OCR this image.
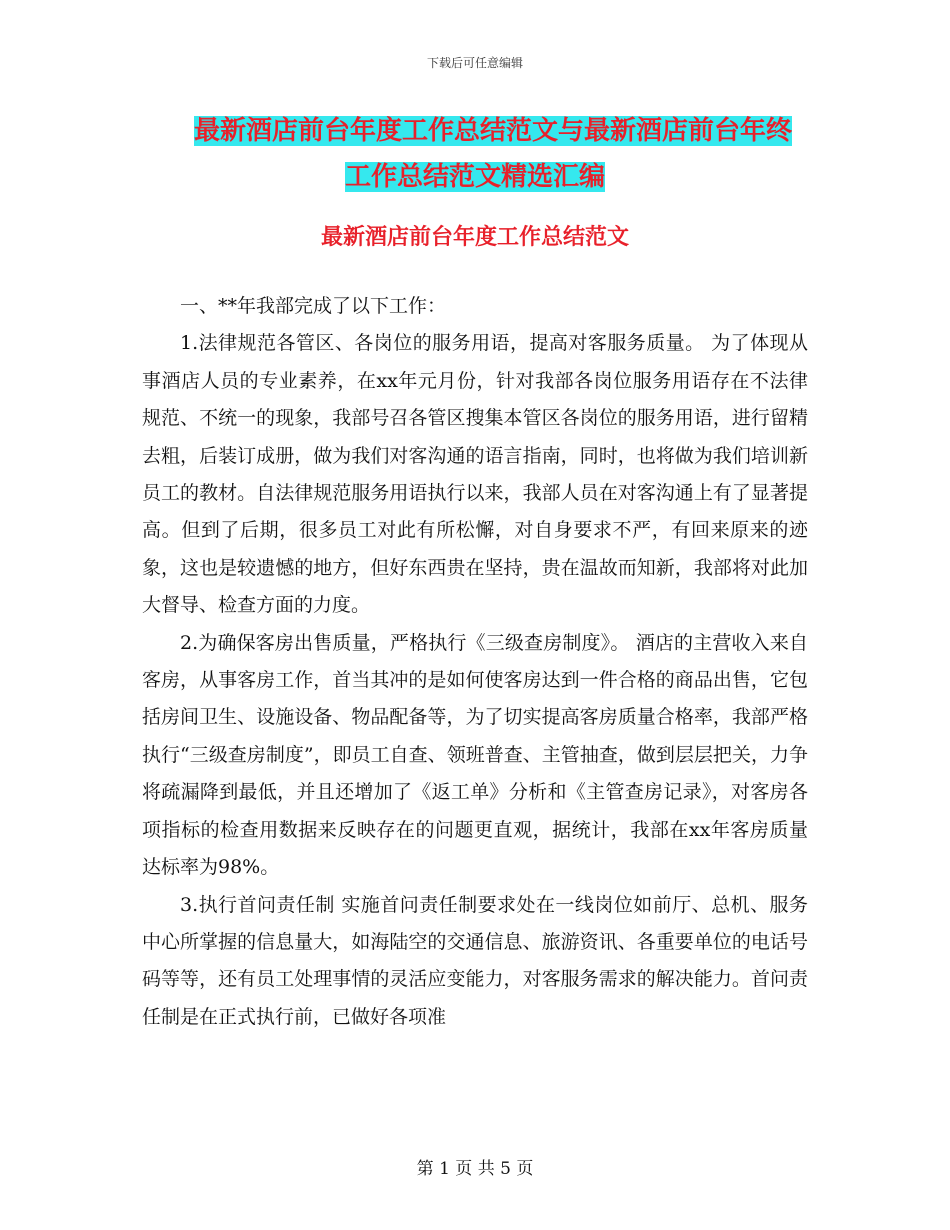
下载后可任意编辑
最新酒店前台年度工作总结范文与最新酒店前台年终
工作总结范文精选汇编
最新酒店前台年度工作总结范文

一、**年我部完成了以下工作：

1.法律规范各管区、各岗位的服务用语，提高对客服务质量。 为了体现从事酒店人员的专业素养，在xx年元月份，针对我部各岗位服务用语存在不法律规范、不统一的现象，我部号召各管区搜集本管区各岗位的服务用语，进行留精去粗，后装订成册，做为我们对客沟通的语言指南，同时，也将做为我们培训新员工的教材。自法律规范服务用语执行以来，我部人员在对客沟通上有了显著提高。但到了后期，很多员工对此有所松懈，对自身要求不严，有回来原来的迹象，这也是较遗憾的地方，但好东西贵在坚持，贵在温故而知新，我部将对此加大督导、检查方面的力度。

2.为确保客房出售质量，严格执行《三级查房制度》。 酒店的主营收入来自客房，从事客房工作，首当其冲的是如何使客房达到一件合格的商品出售，它包括房间卫生、设施设备、物品配备等，为了切实提高客房质量合格率，我部严格执行“三级查房制度”，即员工自查、领班普查、主管抽查，做到层层把关，力争将疏漏降到最低，并且还增加了《返工单》分析和《主管查房记录》，对客房各项指标的检查用数据来反映存在的问题更直观，据统计，我部在xx年客房质量达标率为98%。

3.执行首问责任制 实施首问责任制要求处在一线岗位如前厅、总机、服务中心所掌握的信息量大，如海陆空的交通信息、旅游资讯、各重要单位的电话号码等等，还有员工处理事情的灵活应变能力，对客服务需求的解决能力。首问责任制是在正式执行前，已做好各项准

第 1 页 共 5 页
